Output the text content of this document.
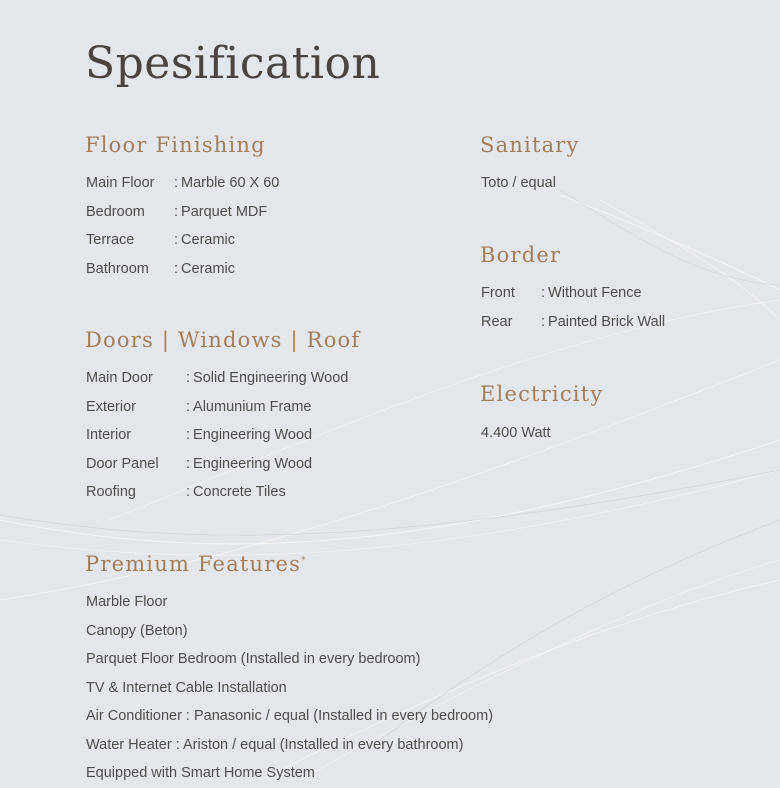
Spesification
Floor Finishing
Main Floor	: Marble 60 X 60
Bedroom	: Parquet MDF
Terrace	: Ceramic
Bathroom	: Ceramic
Doors | Windows | Roof
Main Door	: Solid Engineering Wood
Exterior	: Alumunium Frame
Interior	: Engineering Wood
Door Panel	: Engineering Wood
Roofing	: Concrete Tiles
Sanitary
Toto / equal
Border
Front	: Without Fence
Rear	: Painted Brick Wall
Electricity
4.400 Watt
Premium Features*
Marble Floor
Canopy (Beton)
Parquet Floor Bedroom (Installed in every bedroom)
TV & Internet Cable Installation
Air Conditioner : Panasonic / equal (Installed in every bedroom)
Water Heater : Ariston / equal (Installed in every bathroom)
Equipped with Smart Home System
